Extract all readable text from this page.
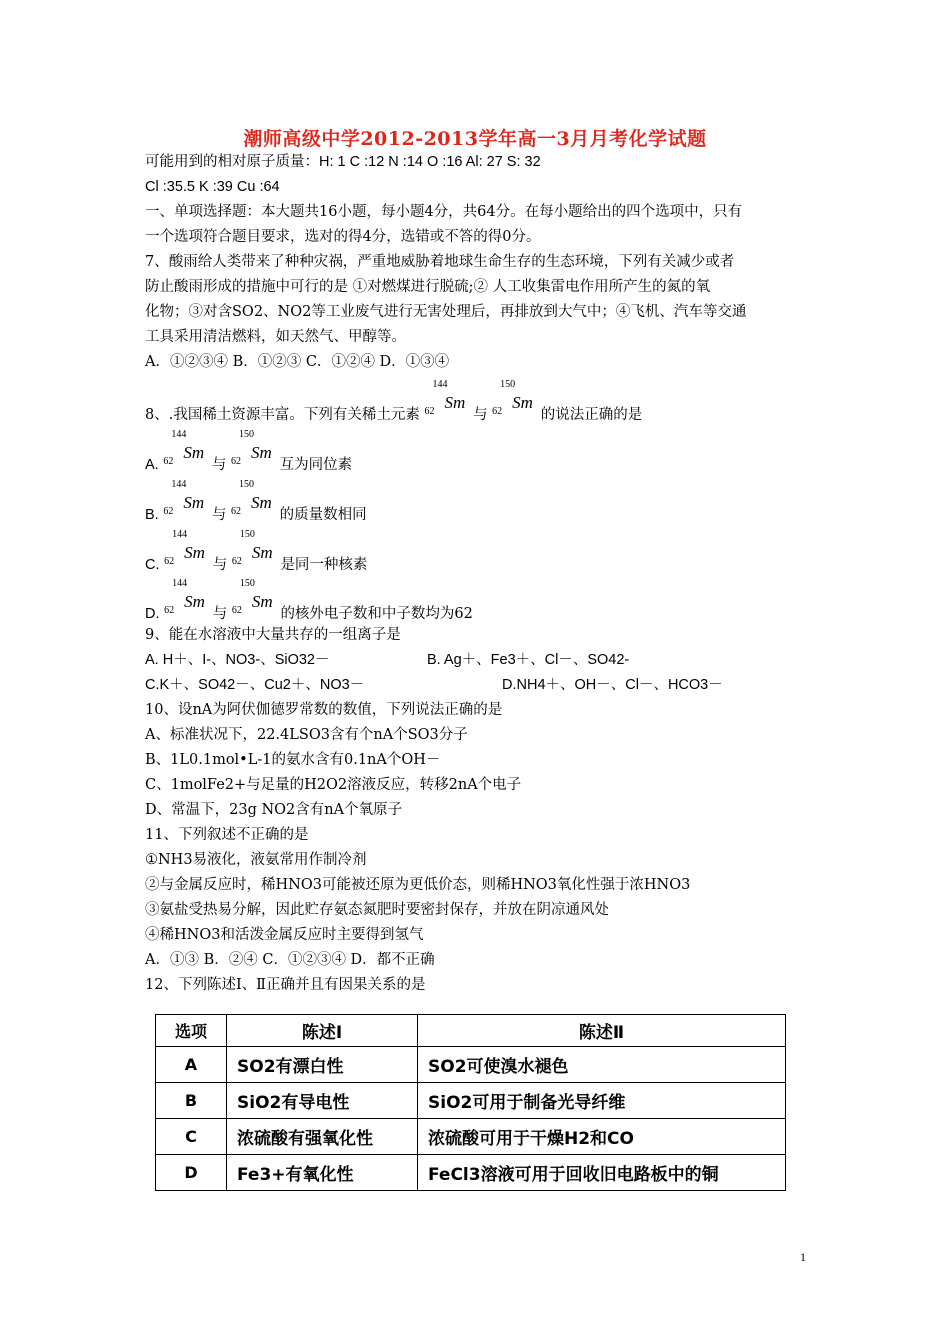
潮师高级中学2012-2013学年高一3月月考化学试题
可能用到的相对原子质量：H: 1 C :12 N :14 O :16 Al: 27 S: 32
Cl :35.5 K :39 Cu :64
一、单项选择题：本大题共16小题，每小题4分，共64分。在每小题给出的四个选项中，只有
一个选项符合题目要求，选对的得4分，选错或不答的得0分。
7、酸雨给人类带来了种种灾祸，严重地威胁着地球生命生存的生态环境，下列有关减少或者
防止酸雨形成的措施中可行的是 ①对燃煤进行脱硫;② 人工收集雷电作用所产生的氮的氧
化物；③对含SO2、NO2等工业废气进行无害处理后，再排放到大气中；④飞机、汽车等交通
工具采用清洁燃料，如天然气、甲醇等。
A．①②③④ B．①②③ C．①②④ D．①③④
8、.我国稀土资源丰富。下列有关稀土元素
144
62 Sm
与
150
62 Sm
的说法正确的是
A.
144
62 Sm
与
150
62 Sm
互为同位素
B.
144
62 Sm
与
150
62 Sm
的质量数相同
C.
144
62 Sm
与
150
62 Sm
是同一种核素
D.
144
62 Sm
与
150
62 Sm
的核外电子数和中子数均为62
9、能在水溶液中大量共存的一组离子是
A. H＋、I-、NO3-、SiO32－	B. Ag＋、Fe3＋、Cl－、SO42-
C.K＋、SO42－、Cu2＋、NO3－	D.NH4＋、OH－、Cl－、HCO3－
10、设nA为阿伏伽德罗常数的数值，下列说法正确的是
A、标准状况下，22.4LSO3含有个nA个SO3分子
B、1L0.1mol•L-1的氨水含有0.1nA个OH－
C、1molFe2+与足量的H2O2溶液反应，转移2nA个电子
D、常温下，23g NO2含有nA个氧原子
11、下列叙述不正确的是
①NH3易液化，液氨常用作制冷剂
②与金属反应时，稀HNO3可能被还原为更低价态，则稀HNO3氧化性强于浓HNO3
③氨盐受热易分解，因此贮存氨态氮肥时要密封保存，并放在阴凉通风处
④稀HNO3和活泼金属反应时主要得到氢气
A．①③ B．②④ C．①②③④ D．都不正确
12、下列陈述Ⅰ、Ⅱ正确并且有因果关系的是
选项	陈述Ⅰ	陈述Ⅱ
A	SO2有漂白性	SO2可使溴水褪色
B	SiO2有导电性	SiO2可用于制备光导纤维
C	浓硫酸有强氧化性	浓硫酸可用于干燥H2和CO
D	Fe3+有氧化性	FeCl3溶液可用于回收旧电路板中的铜
1
